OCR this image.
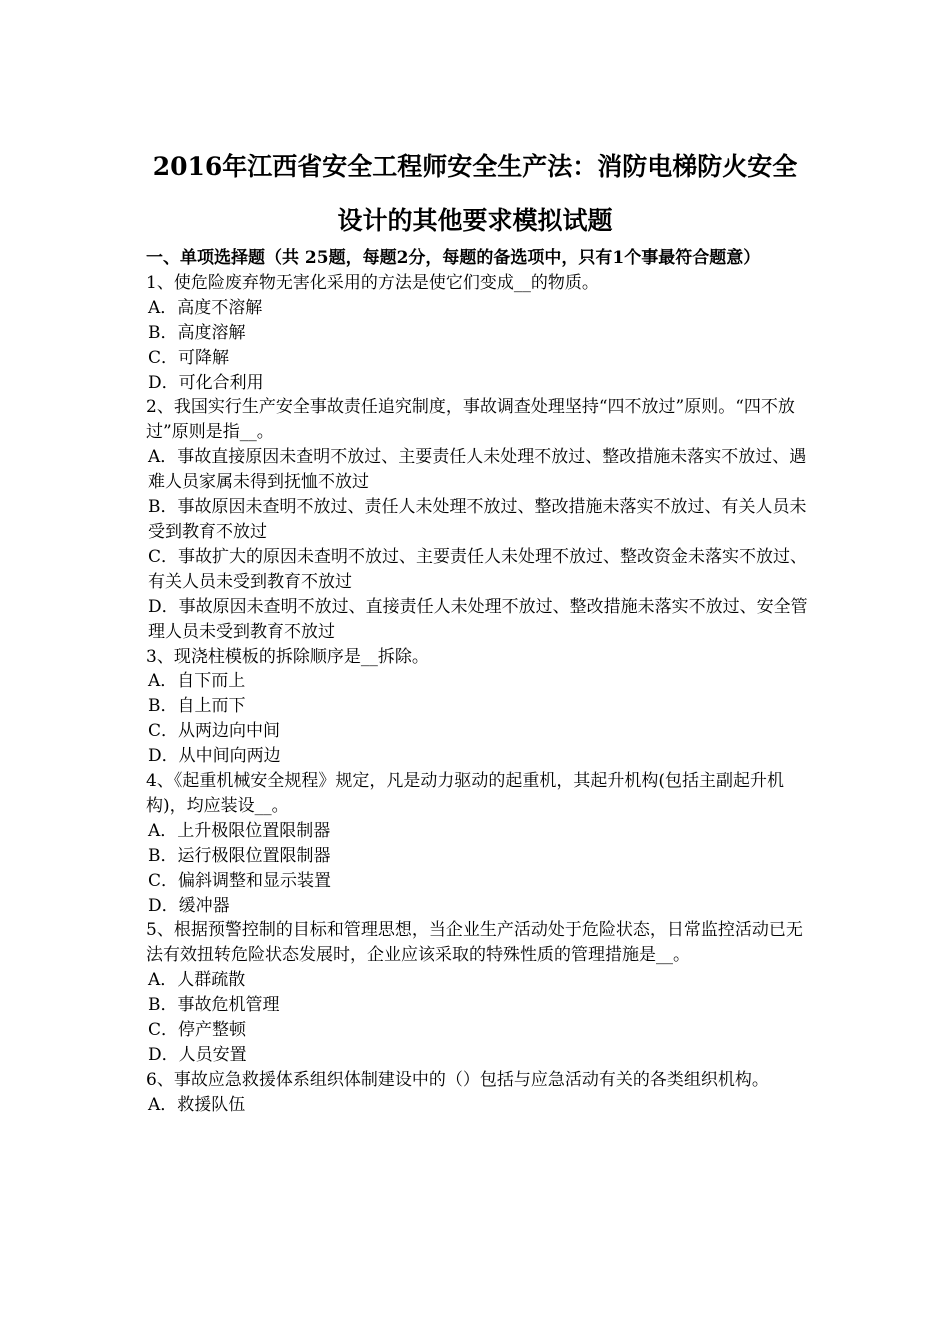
2016年江西省安全工程师安全生产法：消防电梯防火安全
设计的其他要求模拟试题
一、单项选择题（共 25题，每题2分，每题的备选项中，只有1个事最符合题意）
1、使危险废弃物无害化采用的方法是使它们变成__的物质。
A．高度不溶解
B．高度溶解
C．可降解
D．可化合利用
2、我国实行生产安全事故责任追究制度，事故调查处理坚持“四不放过”原则。“四不放过”原则是指__。
A．事故直接原因未查明不放过、主要责任人未处理不放过、整改措施未落实不放过、遇难人员家属未得到抚恤不放过
B．事故原因未查明不放过、责任人未处理不放过、整改措施未落实不放过、有关人员未受到教育不放过
C．事故扩大的原因未查明不放过、主要责任人未处理不放过、整改资金未落实不放过、有关人员未受到教育不放过
D．事故原因未查明不放过、直接责任人未处理不放过、整改措施未落实不放过、安全管理人员未受到教育不放过
3、现浇柱模板的拆除顺序是__拆除。
A．自下而上
B．自上而下
C．从两边向中间
D．从中间向两边
4、《起重机械安全规程》规定，凡是动力驱动的起重机，其起升机构(包括主副起升机构)，均应装设__。
A．上升极限位置限制器
B．运行极限位置限制器
C．偏斜调整和显示装置
D．缓冲器
5、根据预警控制的目标和管理思想，当企业生产活动处于危险状态，日常监控活动已无法有效扭转危险状态发展时，企业应该采取的特殊性质的管理措施是__。
A．人群疏散
B．事故危机管理
C．停产整顿
D．人员安置
6、事故应急救援体系组织体制建设中的（）包括与应急活动有关的各类组织机构。
A．救援队伍
